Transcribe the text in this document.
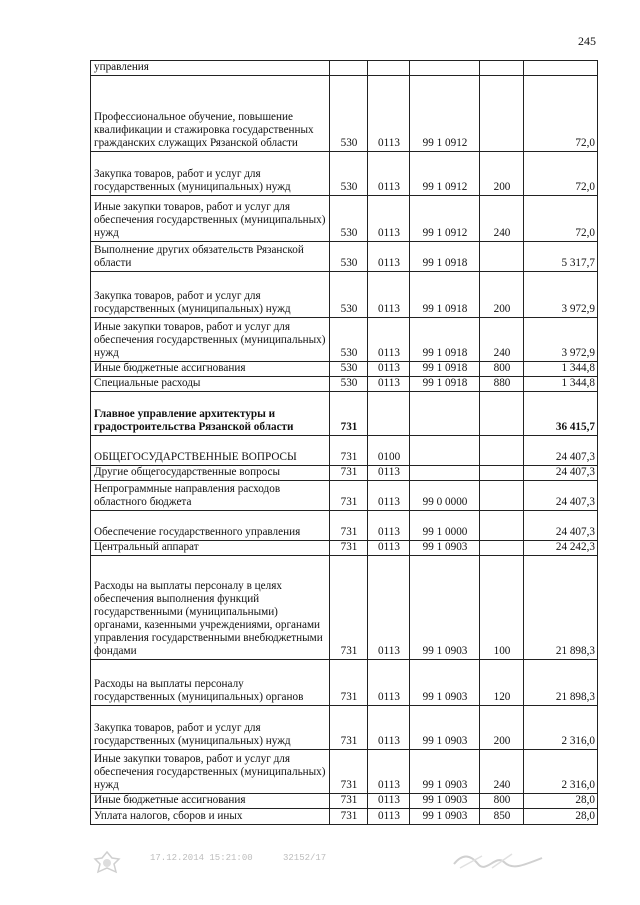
245
управления					
Профессиональное обучение, повышение квалификации и стажировка государственных гражданских служащих Рязанской области	530	0113	99 1 0912		72,0
Закупка товаров, работ и услуг для государственных (муниципальных) нужд	530	0113	99 1 0912	200	72,0
Иные закупки товаров, работ и услуг для обеспечения государственных (муниципальных) нужд	530	0113	99 1 0912	240	72,0
Выполнение других обязательств Рязанской области	530	0113	99 1 0918		5 317,7
Закупка товаров, работ и услуг для государственных (муниципальных) нужд	530	0113	99 1 0918	200	3 972,9
Иные закупки товаров, работ и услуг для обеспечения государственных (муниципальных) нужд	530	0113	99 1 0918	240	3 972,9
Иные бюджетные ассигнования	530	0113	99 1 0918	800	1 344,8
Специальные расходы	530	0113	99 1 0918	880	1 344,8
Главное управление архитектуры и градостроительства Рязанской области	731				36 415,7
ОБЩЕГОСУДАРСТВЕННЫЕ ВОПРОСЫ	731	0100			24 407,3
Другие общегосударственные вопросы	731	0113			24 407,3
Непрограммные направления расходов областного бюджета	731	0113	99 0 0000		24 407,3
Обеспечение государственного управления	731	0113	99 1 0000		24 407,3
Центральный аппарат	731	0113	99 1 0903		24 242,3
Расходы на выплаты персоналу в целях обеспечения выполнения функций государственными (муниципальными) органами, казенными учреждениями, органами управления государственными внебюджетными фондами	731	0113	99 1 0903	100	21 898,3
Расходы на выплаты персоналу государственных (муниципальных) органов	731	0113	99 1 0903	120	21 898,3
Закупка товаров, работ и услуг для государственных (муниципальных) нужд	731	0113	99 1 0903	200	2 316,0
Иные закупки товаров, работ и услуг для обеспечения государственных (муниципальных) нужд	731	0113	99 1 0903	240	2 316,0
Иные бюджетные ассигнования	731	0113	99 1 0903	800	28,0
Уплата налогов, сборов и иных	731	0113	99 1 0903	850	28,0
17.12.2014 15:21:00	32152/17
